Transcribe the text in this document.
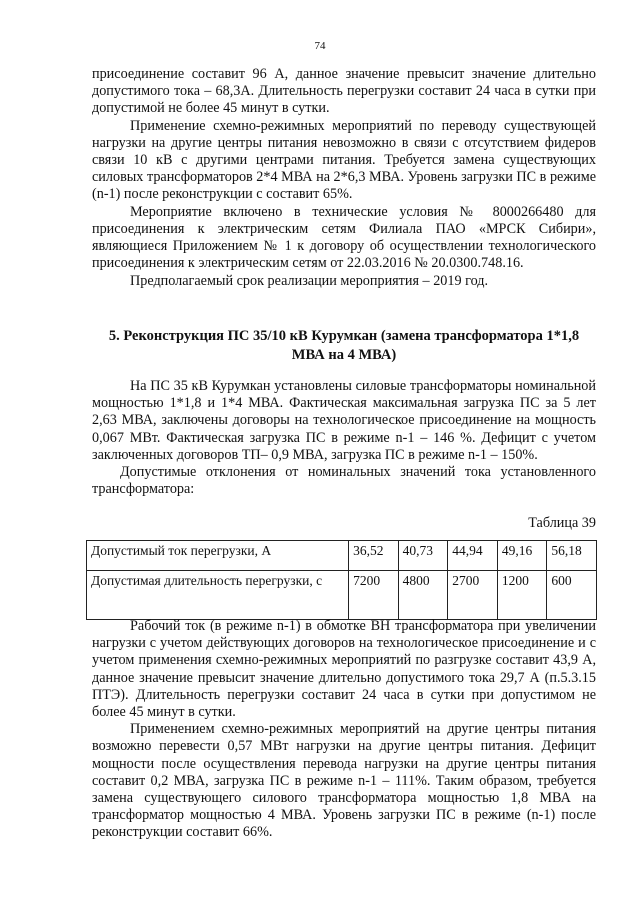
74

присоединение составит 96 А, данное значение превысит значение длительно допустимого тока – 68,3А. Длительность перегрузки составит 24 часа в сутки при допустимой не более 45 минут в сутки.

Применение схемно-режимных мероприятий по переводу существующей нагрузки на другие центры питания невозможно в связи с отсутствием фидеров связи 10 кВ с другими центрами питания. Требуется замена существующих силовых трансформаторов 2*4 МВА на 2*6,3 МВА. Уровень загрузки ПС в режиме (n-1) после реконструкции с составит 65%.

Мероприятие включено в технические условия № 8000266480 для присоединения к электрическим сетям Филиала ПАО «МРСК Сибири», являющиеся Приложением № 1 к договору об осуществлении технологического присоединения к электрическим сетям от 22.03.2016 № 20.0300.748.16.

Предполагаемый срок реализации мероприятия – 2019 год.

5. Реконструкция ПС 35/10 кВ Курумкан (замена трансформатора 1*1,8 МВА на 4 МВА)

На ПС 35 кВ Курумкан установлены силовые трансформаторы номинальной мощностью 1*1,8 и 1*4 МВА. Фактическая максимальная загрузка ПС за 5 лет 2,63 МВА, заключены договоры на технологическое присоединение на мощность 0,067 МВт. Фактическая загрузка ПС в режиме n-1 – 146 %. Дефицит с учетом заключенных договоров ТП– 0,9 МВА, загрузка ПС в режиме n-1 – 150%.

Допустимые отклонения от номинальных значений тока установленного трансформатора:

Таблица 39
Допустимый ток перегрузки, А	36,52	40,73	44,94	49,16	56,18
Допустимая длительность перегрузки, с	7200	4800	2700	1200	600

Рабочий ток (в режиме n-1) в обмотке ВН трансформатора при увеличении нагрузки с учетом действующих договоров на технологическое присоединение и с учетом применения схемно-режимных мероприятий по разгрузке составит 43,9 А, данное значение превысит значение длительно допустимого тока 29,7 А (п.5.3.15 ПТЭ). Длительность перегрузки составит 24 часа в сутки при допустимом не более 45 минут в сутки.

Применением схемно-режимных мероприятий на другие центры питания возможно перевести 0,57 МВт нагрузки на другие центры питания. Дефицит мощности после осуществления перевода нагрузки на другие центры питания составит 0,2 МВА, загрузка ПС в режиме n-1 – 111%. Таким образом, требуется замена существующего силового трансформатора мощностью 1,8 МВА на трансформатор мощностью 4 МВА. Уровень загрузки ПС в режиме (n-1) после реконструкции составит 66%.
